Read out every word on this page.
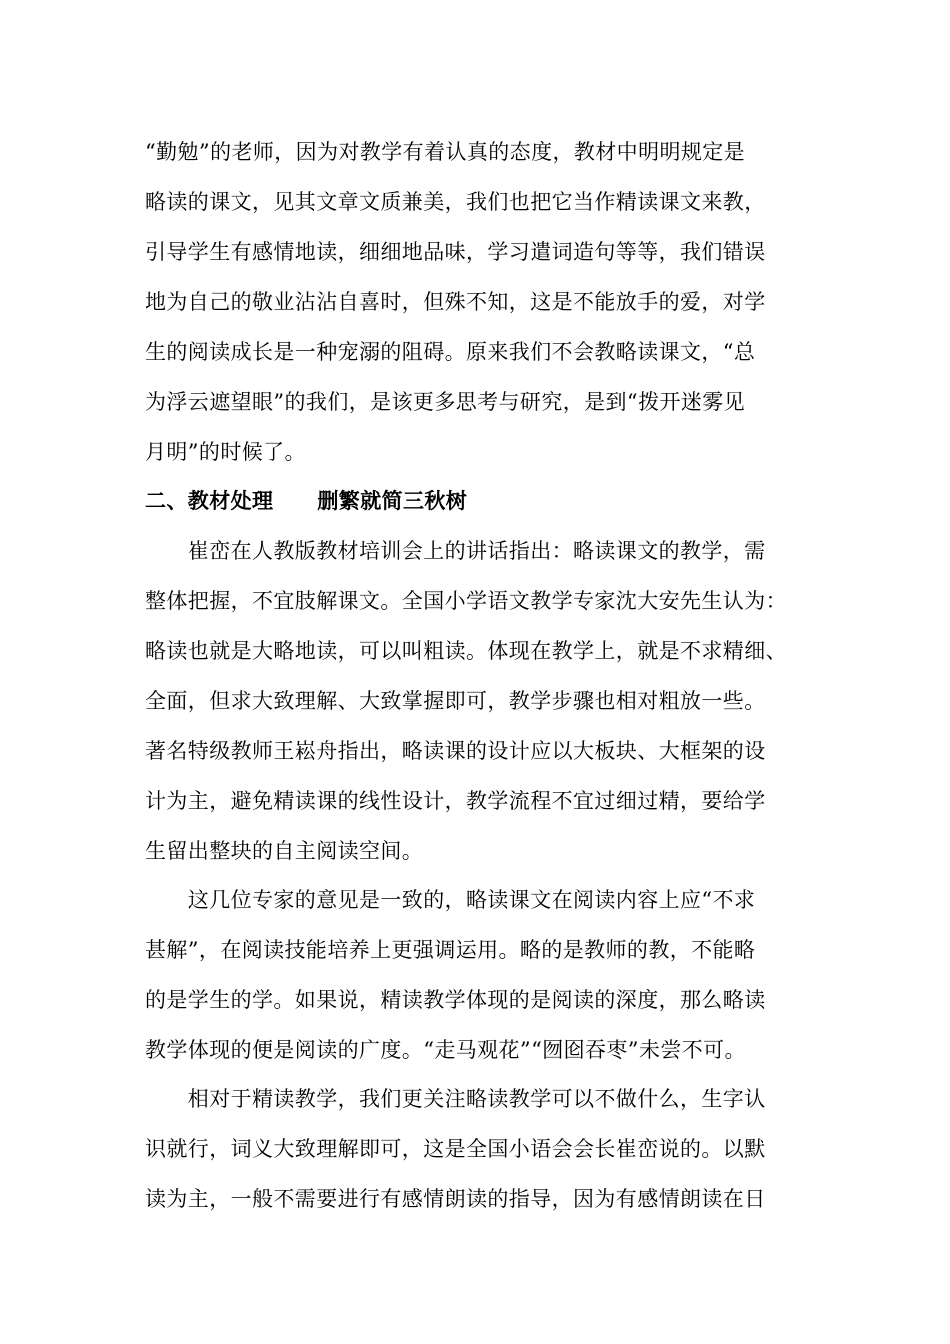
“勤勉”的老师，因为对教学有着认真的态度，教材中明明规定是
略读的课文，见其文章文质兼美，我们也把它当作精读课文来教，
引导学生有感情地读，细细地品味，学习遣词造句等等，我们错误
地为自己的敬业沾沾自喜时，但殊不知，这是不能放手的爱，对学
生的阅读成长是一种宠溺的阻碍。原来我们不会教略读课文，“总
为浮云遮望眼”的我们，是该更多思考与研究，是到“拨开迷雾见
月明”的时候了。
二、教材处理 删繁就简三秋树
　　崔峦在人教版教材培训会上的讲话指出：略读课文的教学，需
整体把握，不宜肢解课文。全国小学语文教学专家沈大安先生认为：
略读也就是大略地读，可以叫粗读。体现在教学上，就是不求精细、
全面，但求大致理解、大致掌握即可，教学步骤也相对粗放一些。
著名特级教师王崧舟指出，略读课的设计应以大板块、大框架的设
计为主，避免精读课的线性设计，教学流程不宜过细过精，要给学
生留出整块的自主阅读空间。
　　这几位专家的意见是一致的，略读课文在阅读内容上应“不求
甚解”，在阅读技能培养上更强调运用。略的是教师的教，不能略
的是学生的学。如果说，精读教学体现的是阅读的深度，那么略读
教学体现的便是阅读的广度。“走马观花”“囫囵吞枣”未尝不可。
　　相对于精读教学，我们更关注略读教学可以不做什么，生字认
识就行，词义大致理解即可，这是全国小语会会长崔峦说的。以默
读为主，一般不需要进行有感情朗读的指导，因为有感情朗读在日
